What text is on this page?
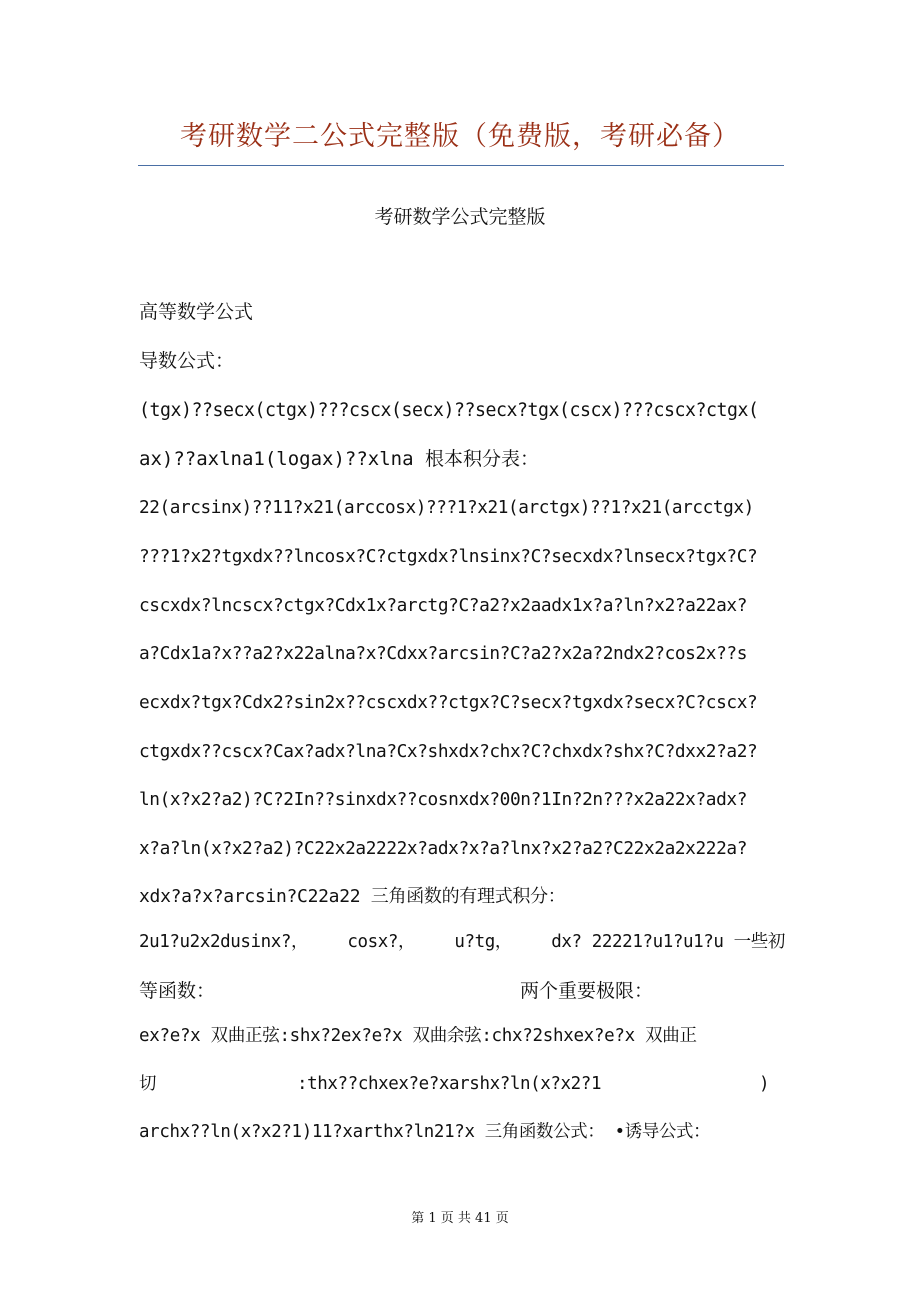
考研数学二公式完整版（免费版，考研必备）
考研数学公式完整版
高等数学公式
导数公式：
(tgx)??secx(ctgx)???cscx(secx)??secx?tgx(cscx)???cscx?ctgx(
ax)??axlna1(logax)??xlna 根本积分表：
22(arcsinx)??11?x21(arccosx)???1?x21(arctgx)??1?x21(arcctgx)
???1?x2?tgxdx??lncosx?C?ctgxdx?lnsinx?C?secxdx?lnsecx?tgx?C?
cscxdx?lncscx?ctgx?Cdx1x?arctg?C?a2?x2aadx1x?a?ln?x2?a22ax?
a?Cdx1a?x??a2?x22alna?x?Cdxx?arcsin?C?a2?x2a?2ndx2?cos2x??s
ecxdx?tgx?Cdx2?sin2x??cscxdx??ctgx?C?secx?tgxdx?secx?C?cscx?
ctgxdx??cscx?Cax?adx?lna?Cx?shxdx?chx?C?chxdx?shx?C?dxx2?a2?
ln(x?x2?a2)?C?2In??sinxdx??cosnxdx?00n?1In?2n???x2a22x?adx?
x?a?ln(x?x2?a2)?C22x2a2222x?adx?x?a?lnx?x2?a2?C22x2a2x222a?
xdx?a?x?arcsin?C22a22 三角函数的有理式积分：
2u1?u2x2dusinx?， cosx?， u?tg， dx? 22221?u1?u1?u 一些初
等函数：	两个重要极限：
ex?e?x 双曲正弦:shx?2ex?e?x 双曲余弦:chx?2shxex?e?x 双曲正
切	:thx??chxex?e?xarshx?ln(x?x2?1	)
archx??ln(x?x2?1)11?xarthx?ln21?x 三角函数公式： •诱导公式：
第 1 页 共 41 页
